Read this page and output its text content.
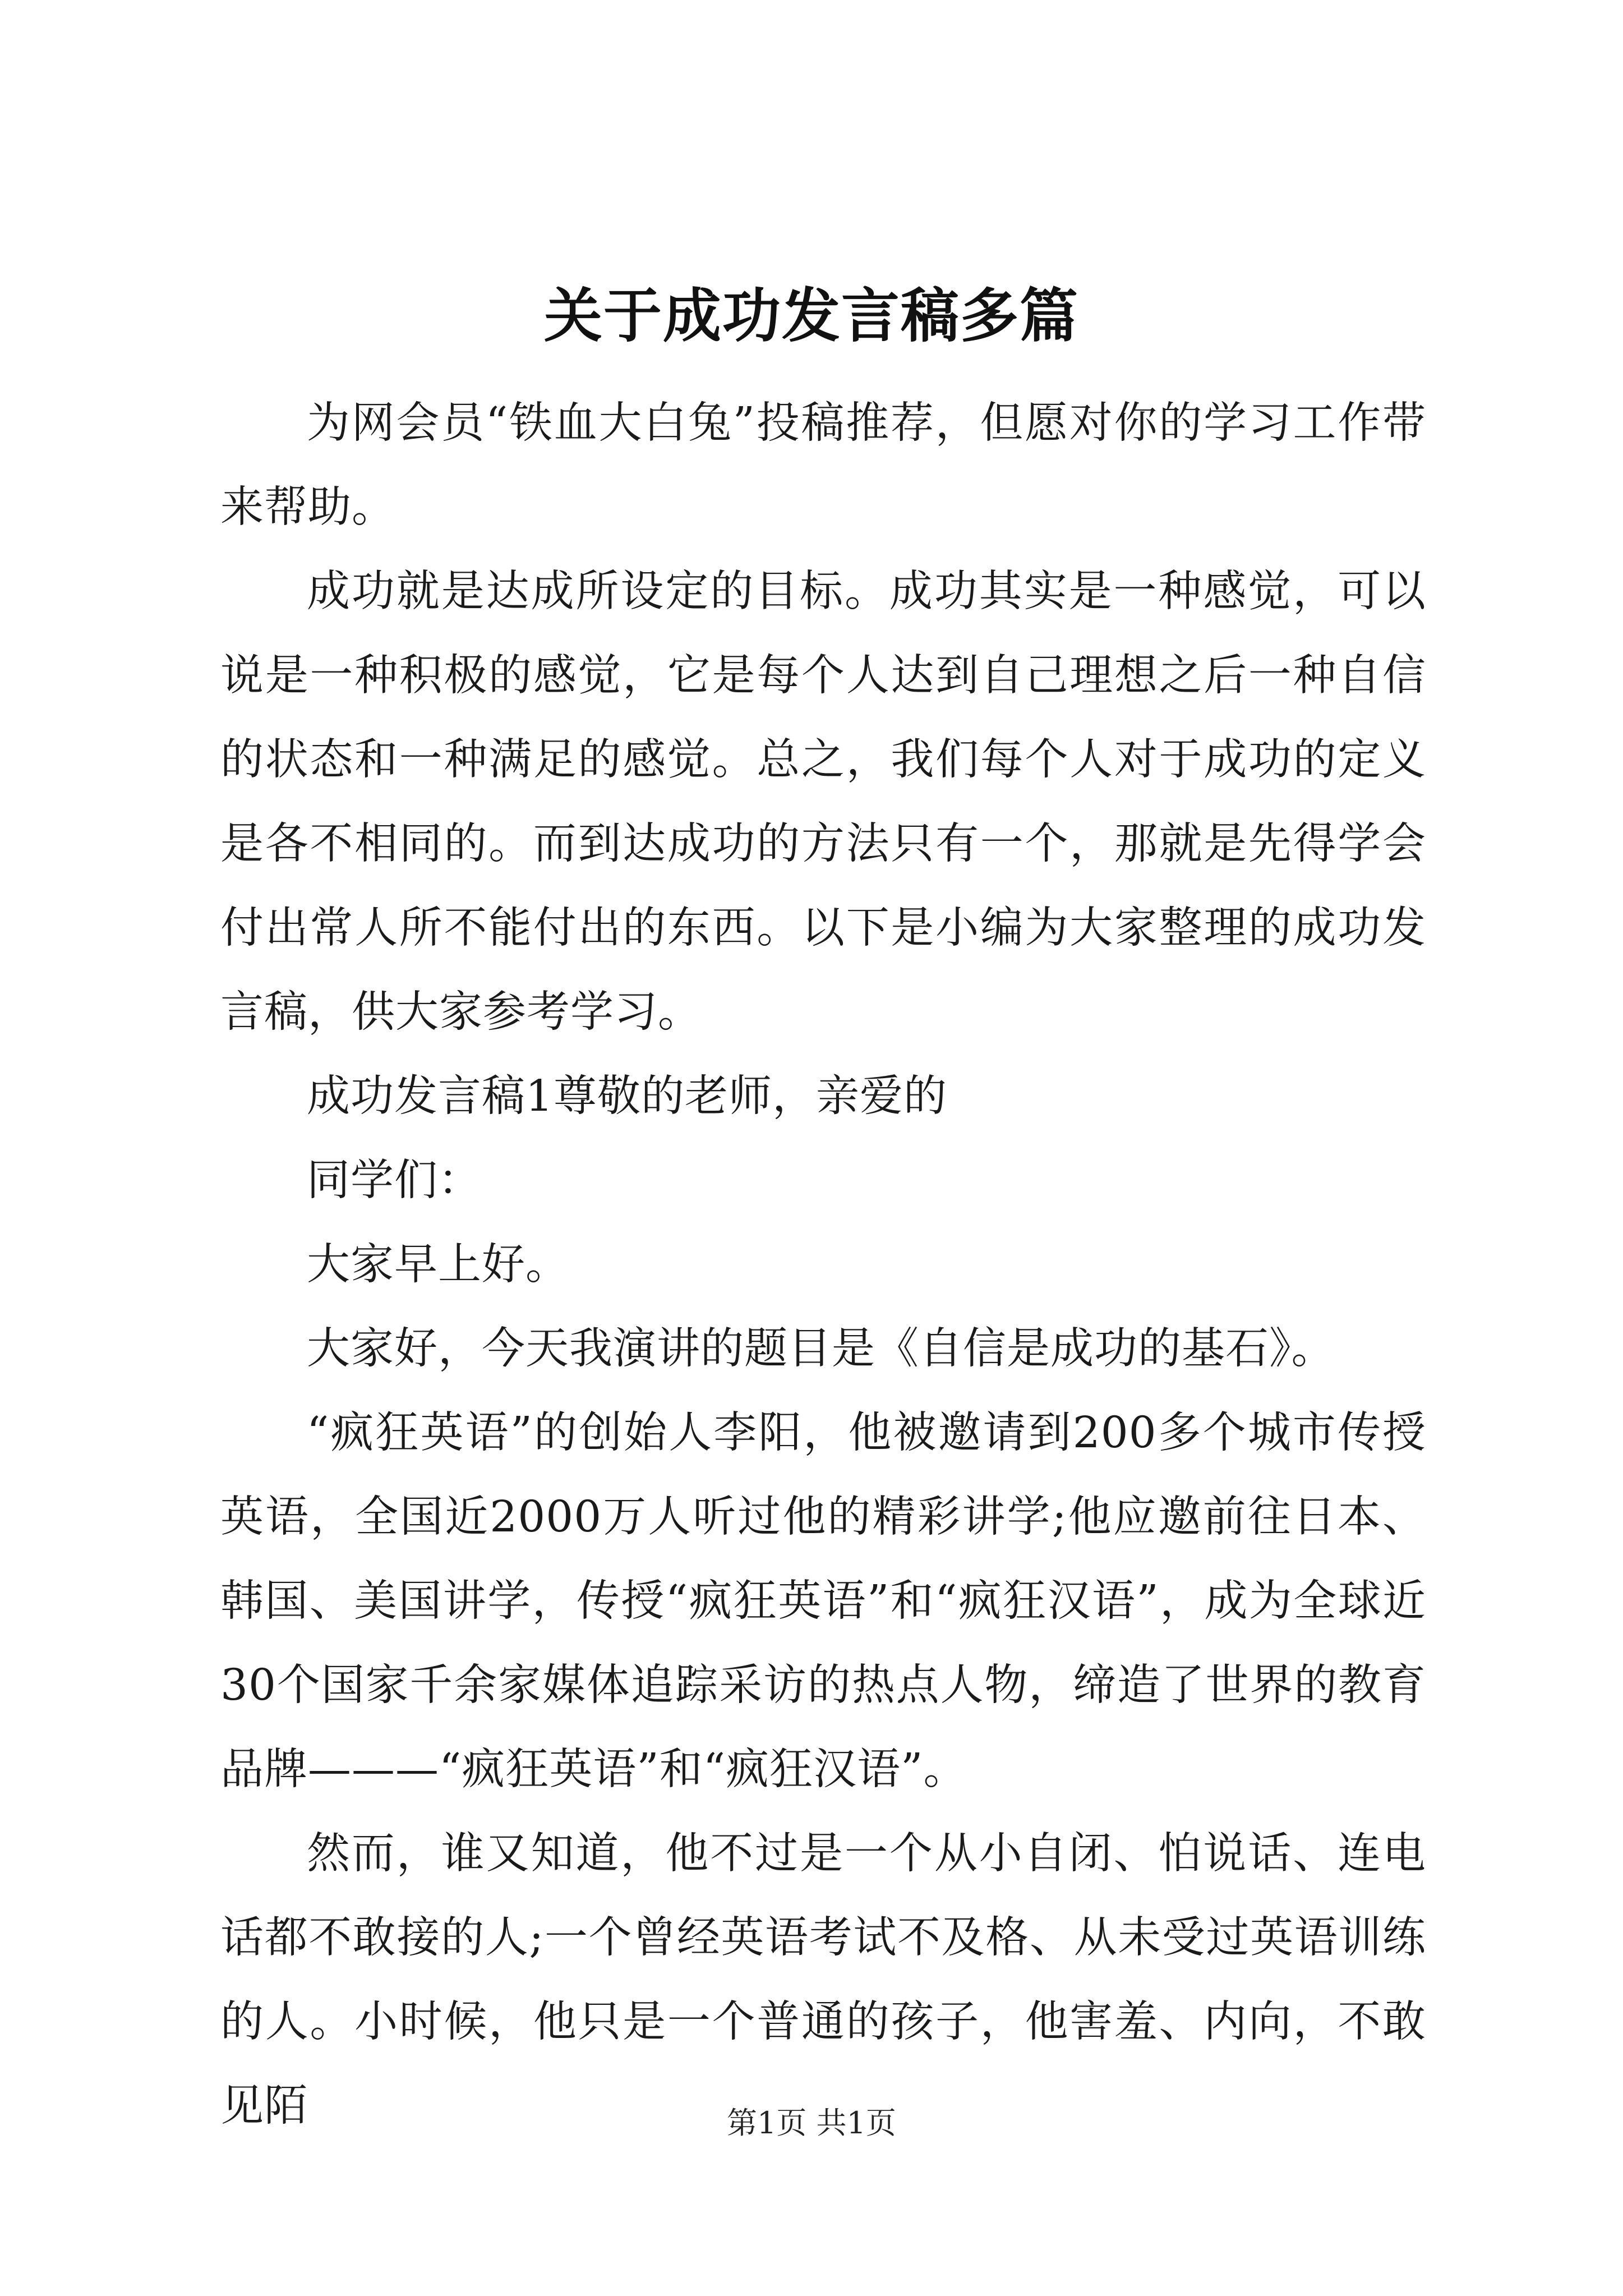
关于成功发言稿多篇

为网会员“铁血大白兔”投稿推荐，但愿对你的学习工作带来帮助。

成功就是达成所设定的目标。成功其实是一种感觉，可以说是一种积极的感觉，它是每个人达到自己理想之后一种自信的状态和一种满足的感觉。总之，我们每个人对于成功的定义是各不相同的。而到达成功的方法只有一个，那就是先得学会付出常人所不能付出的东西。以下是小编为大家整理的成功发言稿，供大家参考学习。

成功发言稿1尊敬的老师，亲爱的

同学们：

大家早上好。

大家好，今天我演讲的题目是《自信是成功的基石》。

“疯狂英语”的创始人李阳，他被邀请到200多个城市传授英语，全国近2000万人听过他的精彩讲学;他应邀前往日本、韩国、美国讲学，传授“疯狂英语”和“疯狂汉语”，成为全球近30个国家千余家媒体追踪采访的热点人物，缔造了世界的教育品牌———“疯狂英语”和“疯狂汉语”。

然而，谁又知道，他不过是一个从小自闭、怕说话、连电话都不敢接的人;一个曾经英语考试不及格、从未受过英语训练的人。小时候，他只是一个普通的孩子，他害羞、内向，不敢见陌	第1页 共1页
